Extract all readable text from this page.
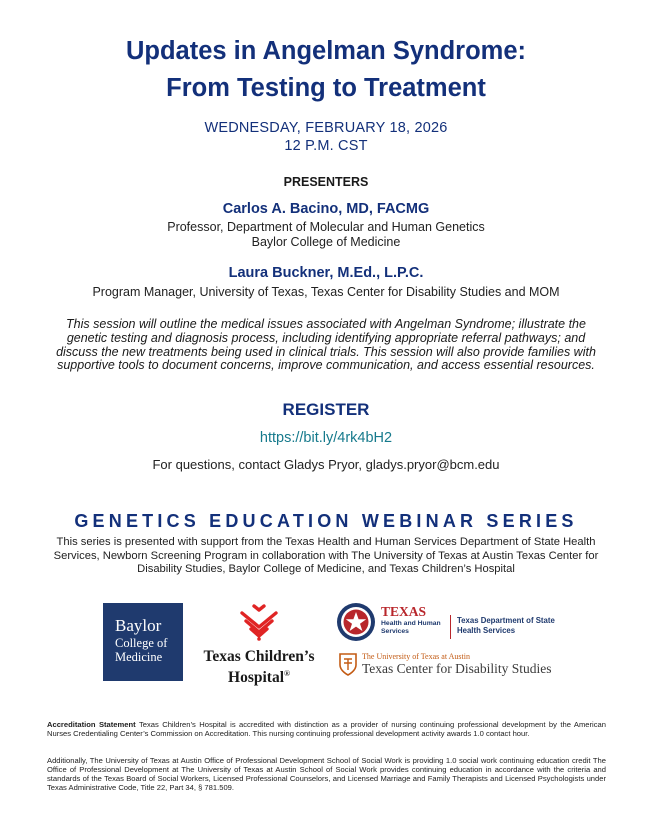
Updates in Angelman Syndrome:
From Testing to Treatment
WEDNESDAY, FEBRUARY 18, 2026
12 P.M. CST
PRESENTERS
Carlos A. Bacino, MD, FACMG
Professor, Department of Molecular and Human Genetics
Baylor College of Medicine
Laura Buckner, M.Ed., L.P.C.
Program Manager, University of Texas, Texas Center for Disability Studies and MOM
This session will outline the medical issues associated with Angelman Syndrome; illustrate the genetic testing and diagnosis process, including identifying appropriate referral pathways; and discuss the new treatments being used in clinical trials. This session will also provide families with supportive tools to document concerns, improve communication, and access essential resources.
REGISTER
https://bit.ly/4rk4bH2
For questions, contact Gladys Pryor, gladys.pryor@bcm.edu
GENETICS EDUCATION WEBINAR SERIES
This series is presented with support from the Texas Health and Human Services Department of State Health Services, Newborn Screening Program in collaboration with The University of Texas at Austin Texas Center for Disability Studies, Baylor College of Medicine, and Texas Children’s Hospital
Baylor
College of
Medicine	Texas Children’s
Hospital®
TEXAS
Health and Human
Services
Texas Department of State
Health Services
The University of Texas at Austin
Texas Center for Disability Studies
Accreditation Statement Texas Children’s Hospital is accredited with distinction as a provider of nursing continuing professional development by the American Nurses Credentialing Center’s Commission on Accreditation. This nursing continuing professional development activity awards 1.0 contact hour.
Additionally, The University of Texas at Austin Office of Professional Development School of Social Work is providing 1.0 social work continuing education credit The Office of Professional Development at The University of Texas at Austin School of Social Work provides continuing education in accordance with the criteria and standards of the Texas Board of Social Workers, Licensed Professional Counselors, and Licensed Marriage and Family Therapists and Licensed Psychologists under Texas Administrative Code, Title 22, Part 34, § 781.509.
